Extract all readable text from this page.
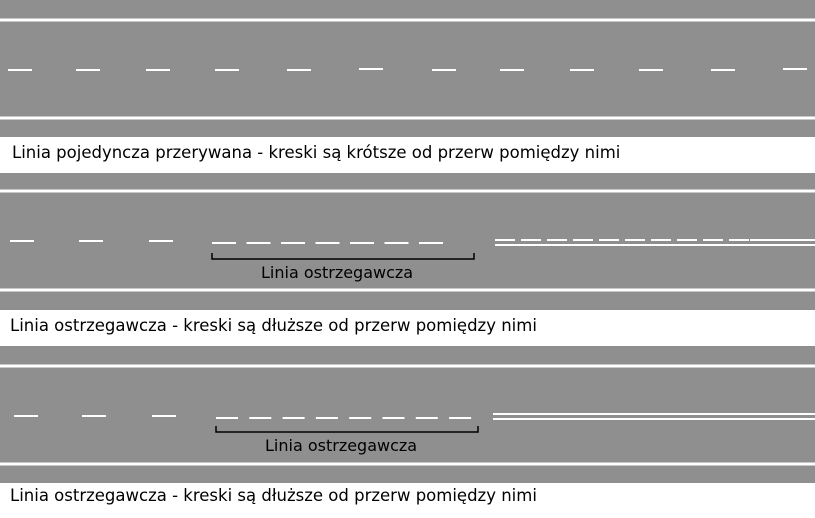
Linia pojedyncza przerywana - kreski są krótsze od przerw pomiędzy nimi
Linia ostrzegawcza
Linia ostrzegawcza - kreski są dłuższe od przerw pomiędzy nimi
Linia ostrzegawcza
Linia ostrzegawcza - kreski są dłuższe od przerw pomiędzy nimi
